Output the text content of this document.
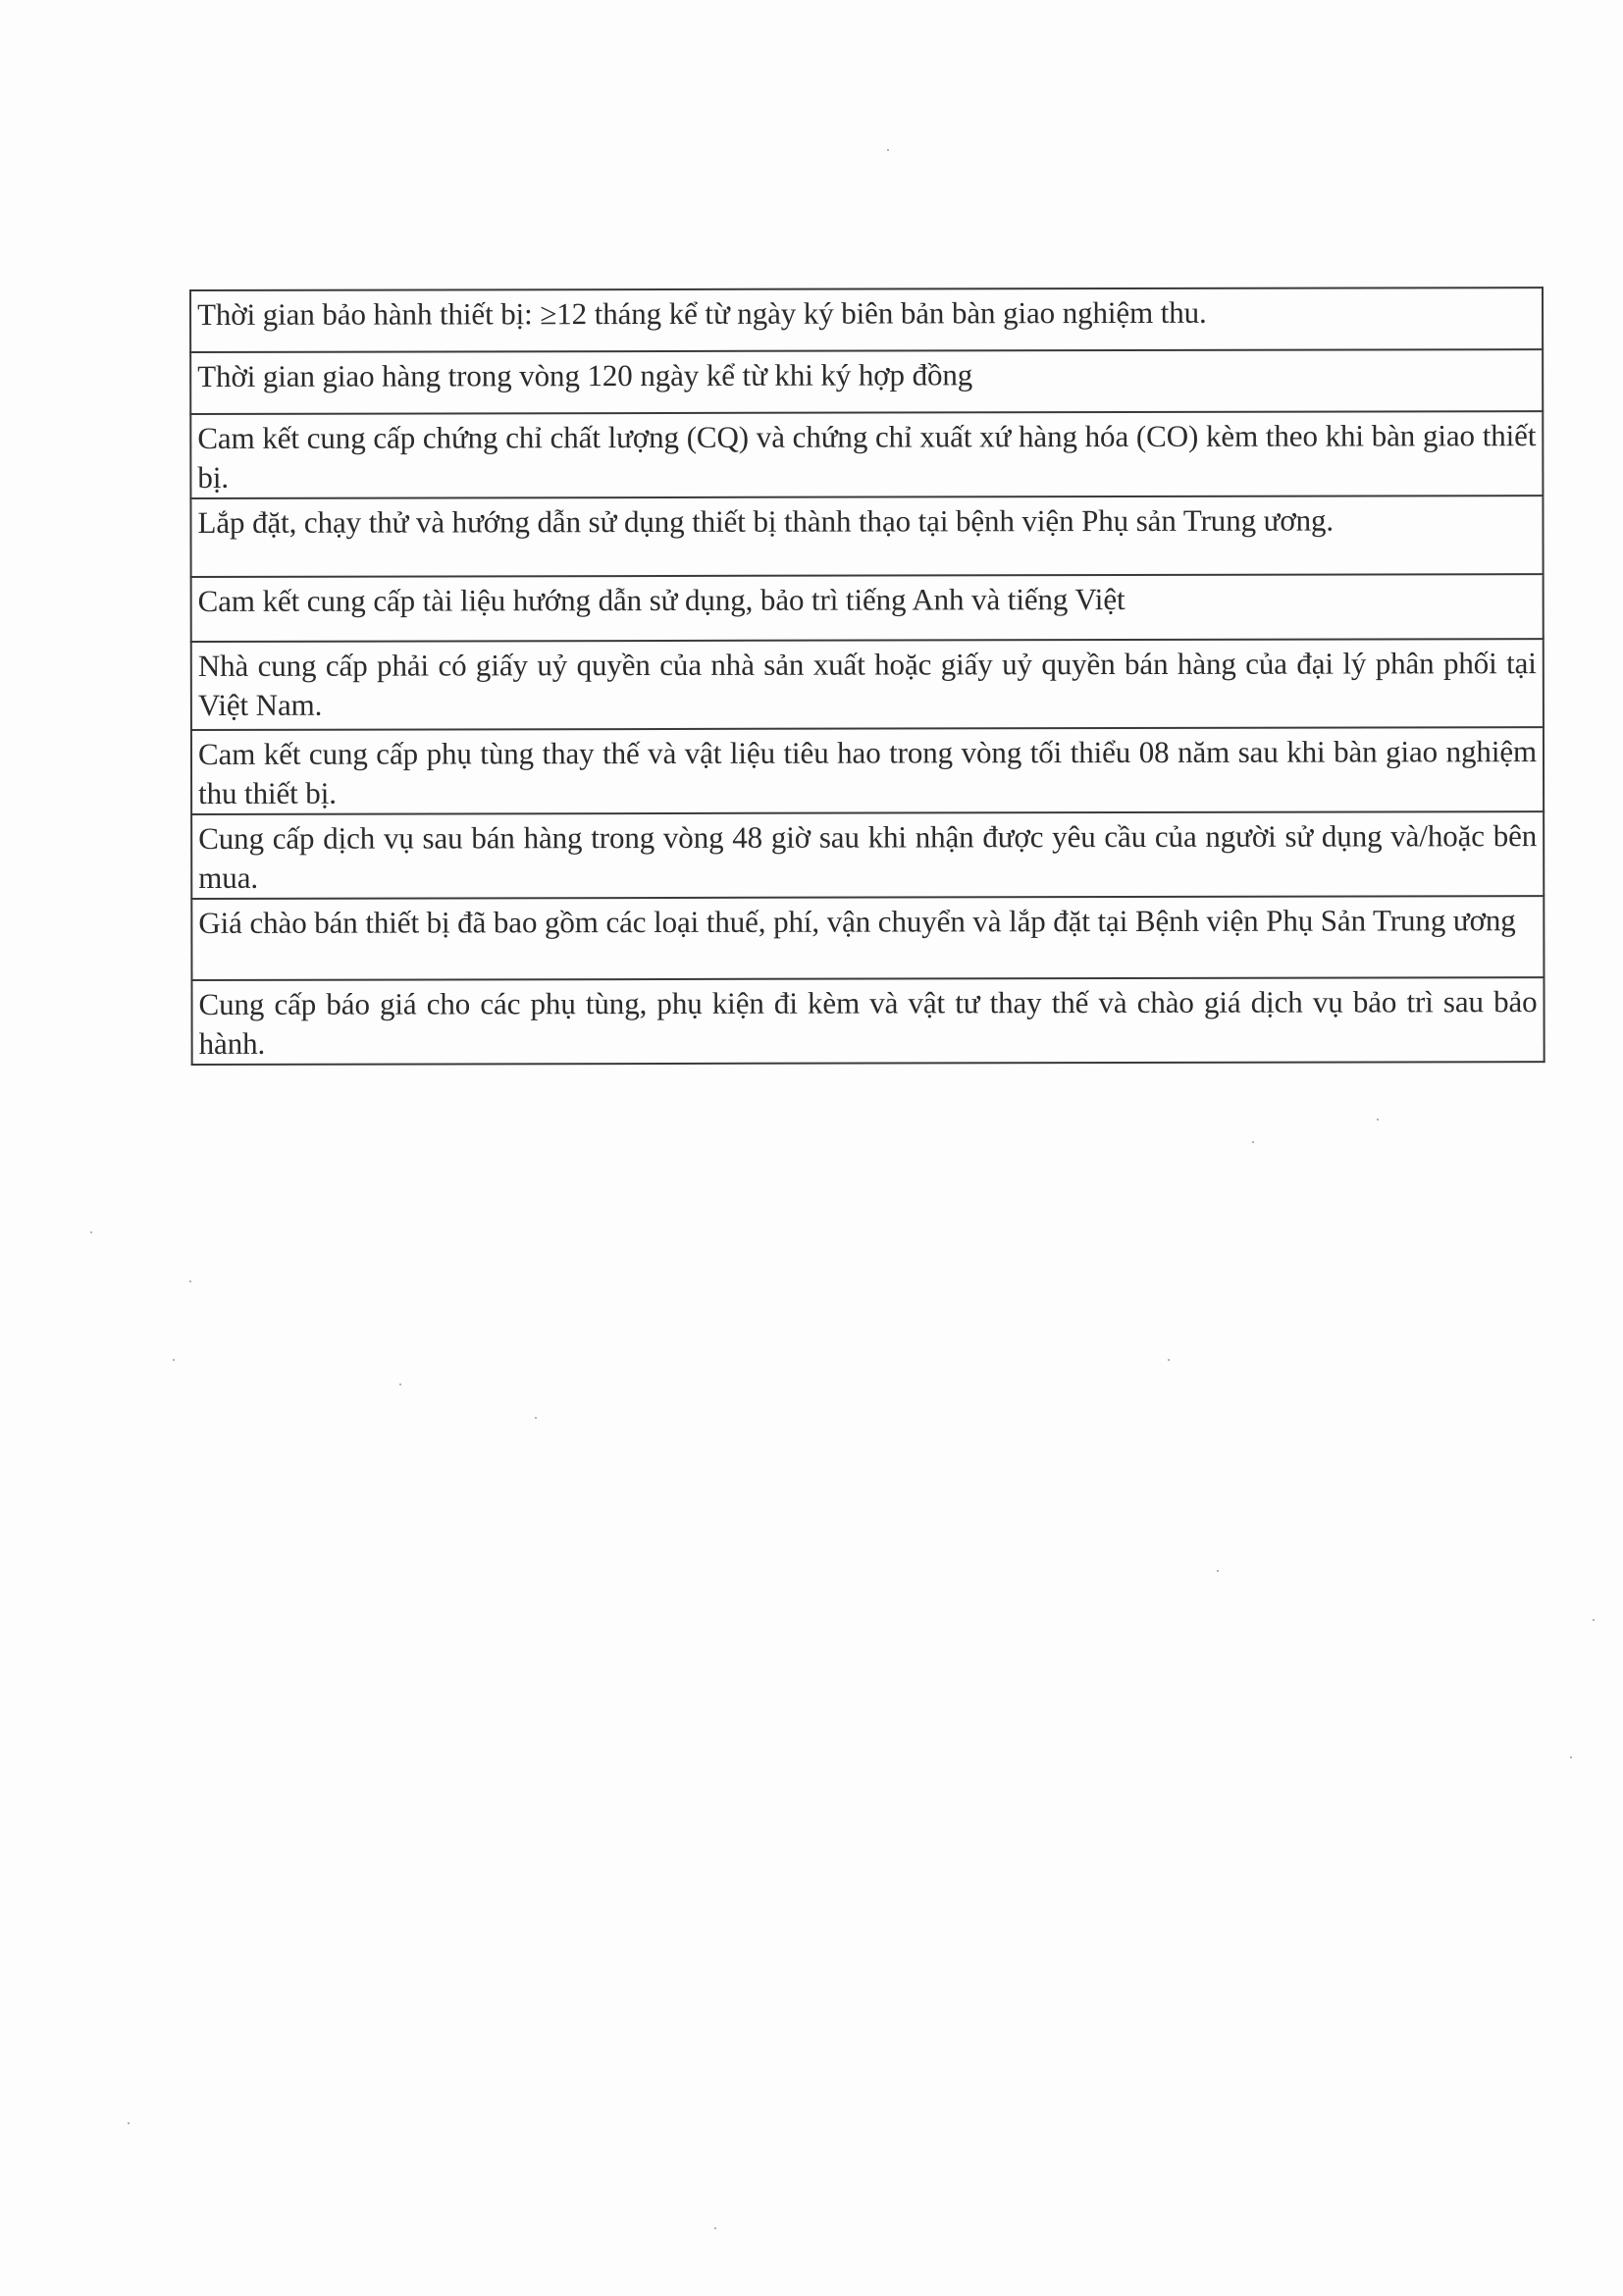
Thời gian bảo hành thiết bị: ≥12 tháng kể từ ngày ký biên bản bàn giao nghiệm thu.
Thời gian giao hàng trong vòng 120 ngày kể từ khi ký hợp đồng
Cam kết cung cấp chứng chỉ chất lượng (CQ) và chứng chỉ xuất xứ hàng hóa (CO) kèm theo khi bàn giao thiết bị.
Lắp đặt, chạy thử và hướng dẫn sử dụng thiết bị thành thạo tại bệnh viện Phụ sản Trung ương.
Cam kết cung cấp tài liệu hướng dẫn sử dụng, bảo trì tiếng Anh và tiếng Việt
Nhà cung cấp phải có giấy uỷ quyền của nhà sản xuất hoặc giấy uỷ quyền bán hàng của đại lý phân phối tại Việt Nam.
Cam kết cung cấp phụ tùng thay thế và vật liệu tiêu hao trong vòng tối thiểu 08 năm sau khi bàn giao nghiệm thu thiết bị.
Cung cấp dịch vụ sau bán hàng trong vòng 48 giờ sau khi nhận được yêu cầu của người sử dụng và/hoặc bên mua.
Giá chào bán thiết bị đã bao gồm các loại thuế, phí, vận chuyển và lắp đặt tại Bệnh viện Phụ Sản Trung ương
Cung cấp báo giá cho các phụ tùng, phụ kiện đi kèm và vật tư thay thế và chào giá dịch vụ bảo trì sau bảo hành.
